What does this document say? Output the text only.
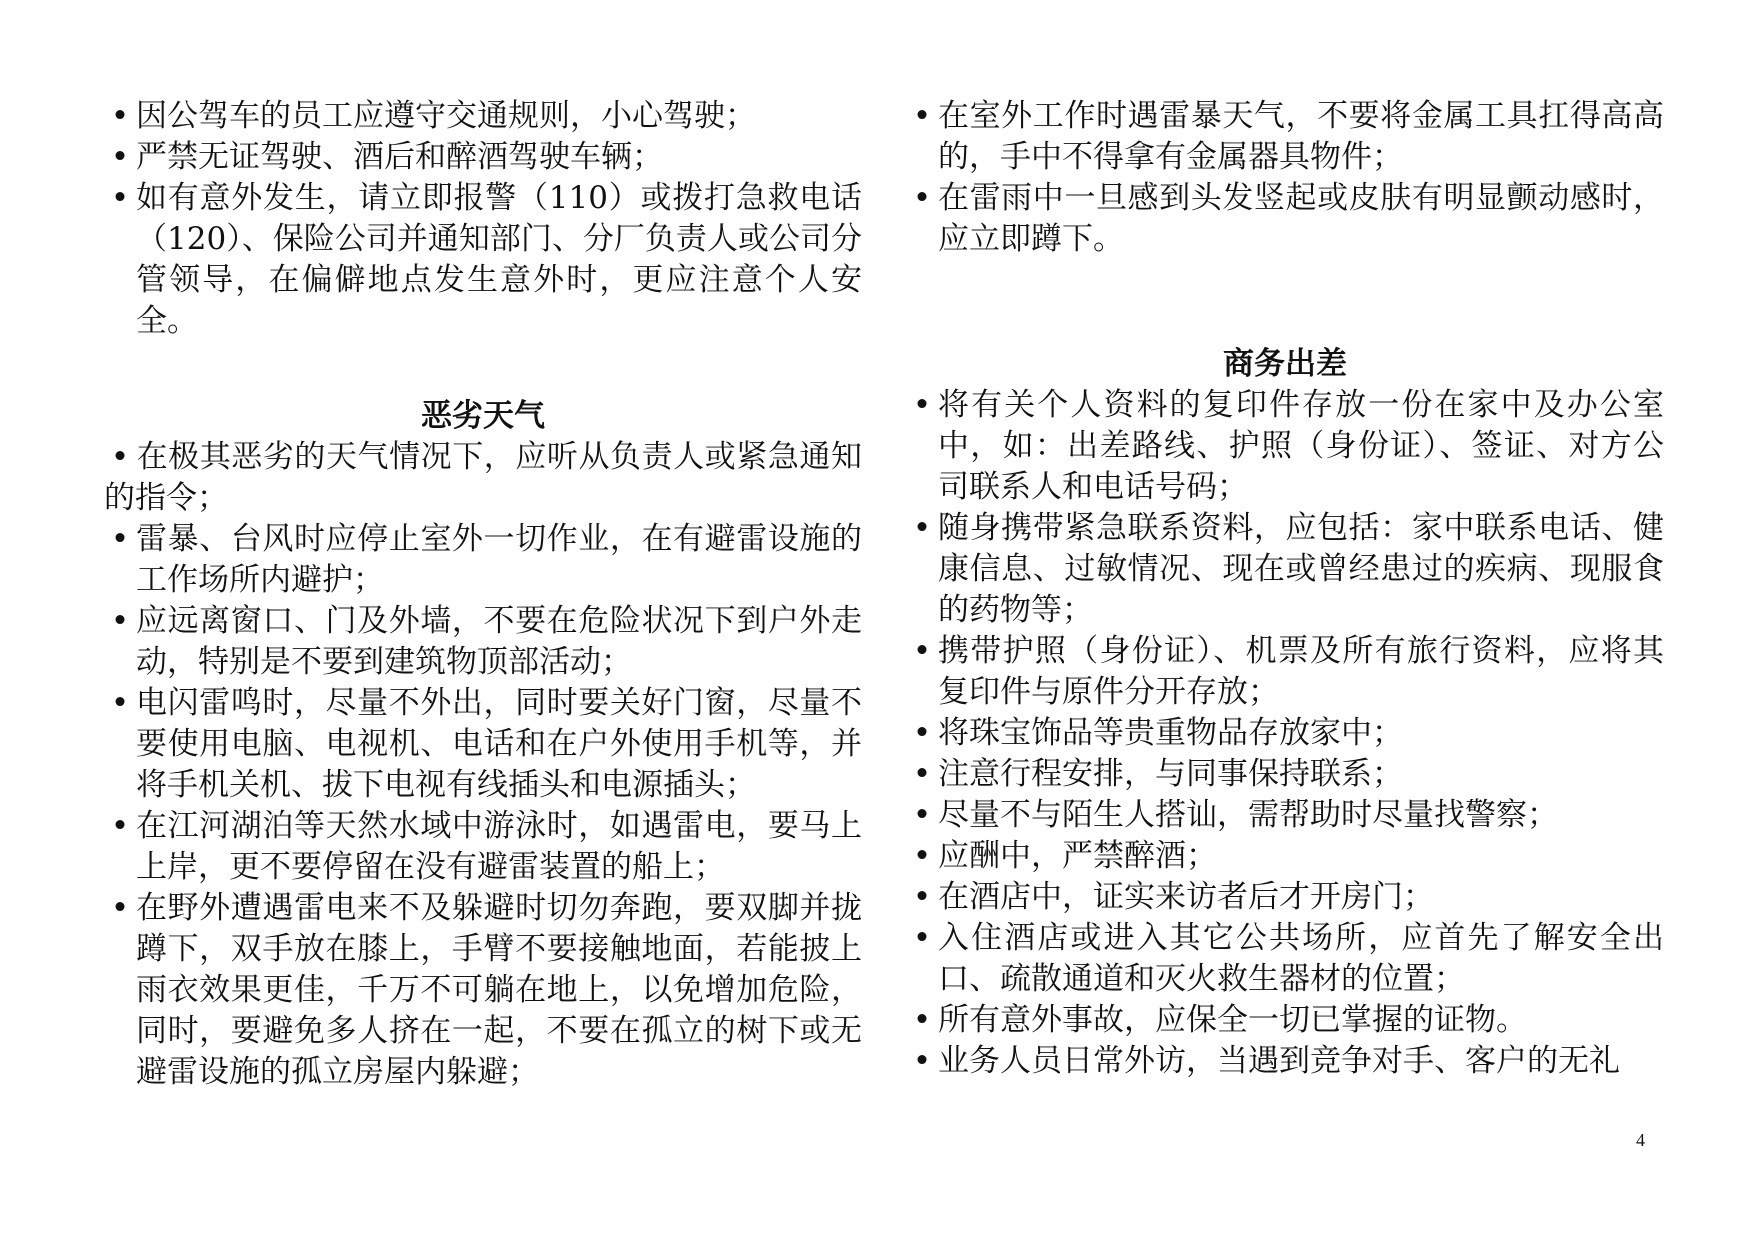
• 因公驾车的员工应遵守交通规则，小心驾驶；
• 严禁无证驾驶、酒后和醉酒驾驶车辆；
• 如有意外发生，请立即报警（110）或拨打急救电话（120）、保险公司并通知部门、分厂负责人或公司分管领导，在偏僻地点发生意外时，更应注意个人安全。
恶劣天气
• 在极其恶劣的天气情况下，应听从负责人或紧急通知的指令；
• 雷暴、台风时应停止室外一切作业，在有避雷设施的工作场所内避护；
• 应远离窗口、门及外墙，不要在危险状况下到户外走动，特别是不要到建筑物顶部活动；
• 电闪雷鸣时，尽量不外出，同时要关好门窗，尽量不要使用电脑、电视机、电话和在户外使用手机等，并将手机关机、拔下电视有线插头和电源插头；
• 在江河湖泊等天然水域中游泳时，如遇雷电，要马上上岸，更不要停留在没有避雷装置的船上；
• 在野外遭遇雷电来不及躲避时切勿奔跑，要双脚并拢蹲下，双手放在膝上，手臂不要接触地面，若能披上雨衣效果更佳，千万不可躺在地上，以免增加危险，同时，要避免多人挤在一起，不要在孤立的树下或无避雷设施的孤立房屋内躲避；
• 在室外工作时遇雷暴天气，不要将金属工具扛得高高的，手中不得拿有金属器具物件；
• 在雷雨中一旦感到头发竖起或皮肤有明显颤动感时，应立即蹲下。
商务出差
• 将有关个人资料的复印件存放一份在家中及办公室中，如：出差路线、护照（身份证）、签证、对方公司联系人和电话号码；
• 随身携带紧急联系资料，应包括：家中联系电话、健康信息、过敏情况、现在或曾经患过的疾病、现服食的药物等；
• 携带护照（身份证）、机票及所有旅行资料，应将其复印件与原件分开存放；
• 将珠宝饰品等贵重物品存放家中；
• 注意行程安排，与同事保持联系；
• 尽量不与陌生人搭讪，需帮助时尽量找警察；
• 应酬中，严禁醉酒；
• 在酒店中，证实来访者后才开房门；
• 入住酒店或进入其它公共场所，应首先了解安全出口、疏散通道和灭火救生器材的位置；
• 所有意外事故，应保全一切已掌握的证物。
• 业务人员日常外访，当遇到竞争对手、客户的无礼
4
